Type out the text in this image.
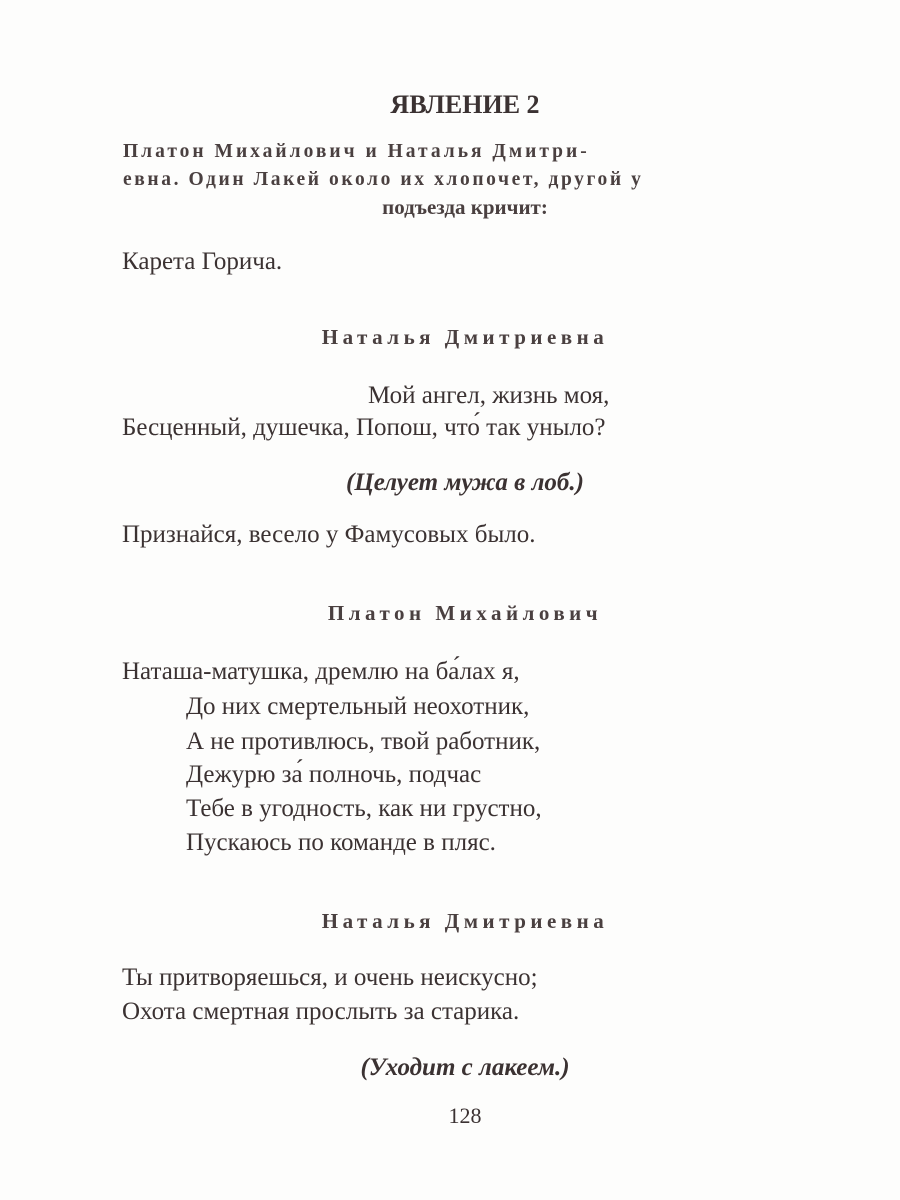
ЯВЛЕНИЕ 2
Платон Михайлович и Наталья Дмитри-
евна. Один Лакей около их хлопочет, другой у
подъезда кричит:
Карета Горича.
Наталья Дмитриевна
Мой ангел, жизнь моя,
Бесценный, душечка, Попош, что́ так уныло?
(Целует мужа в лоб.)
Признайся, весело у Фамусовых было.
Платон Михайлович
Наташа-матушка, дремлю на ба́лах я,
До них смертельный неохотник,
А не противлюсь, твой работник,
Дежурю за́ полночь, подчас
Тебе в угодность, как ни грустно,
Пускаюсь по команде в пляс.
Наталья Дмитриевна
Ты притворяешься, и очень неискусно;
Охота смертная прослыть за старика.
(Уходит с лакеем.)
128
